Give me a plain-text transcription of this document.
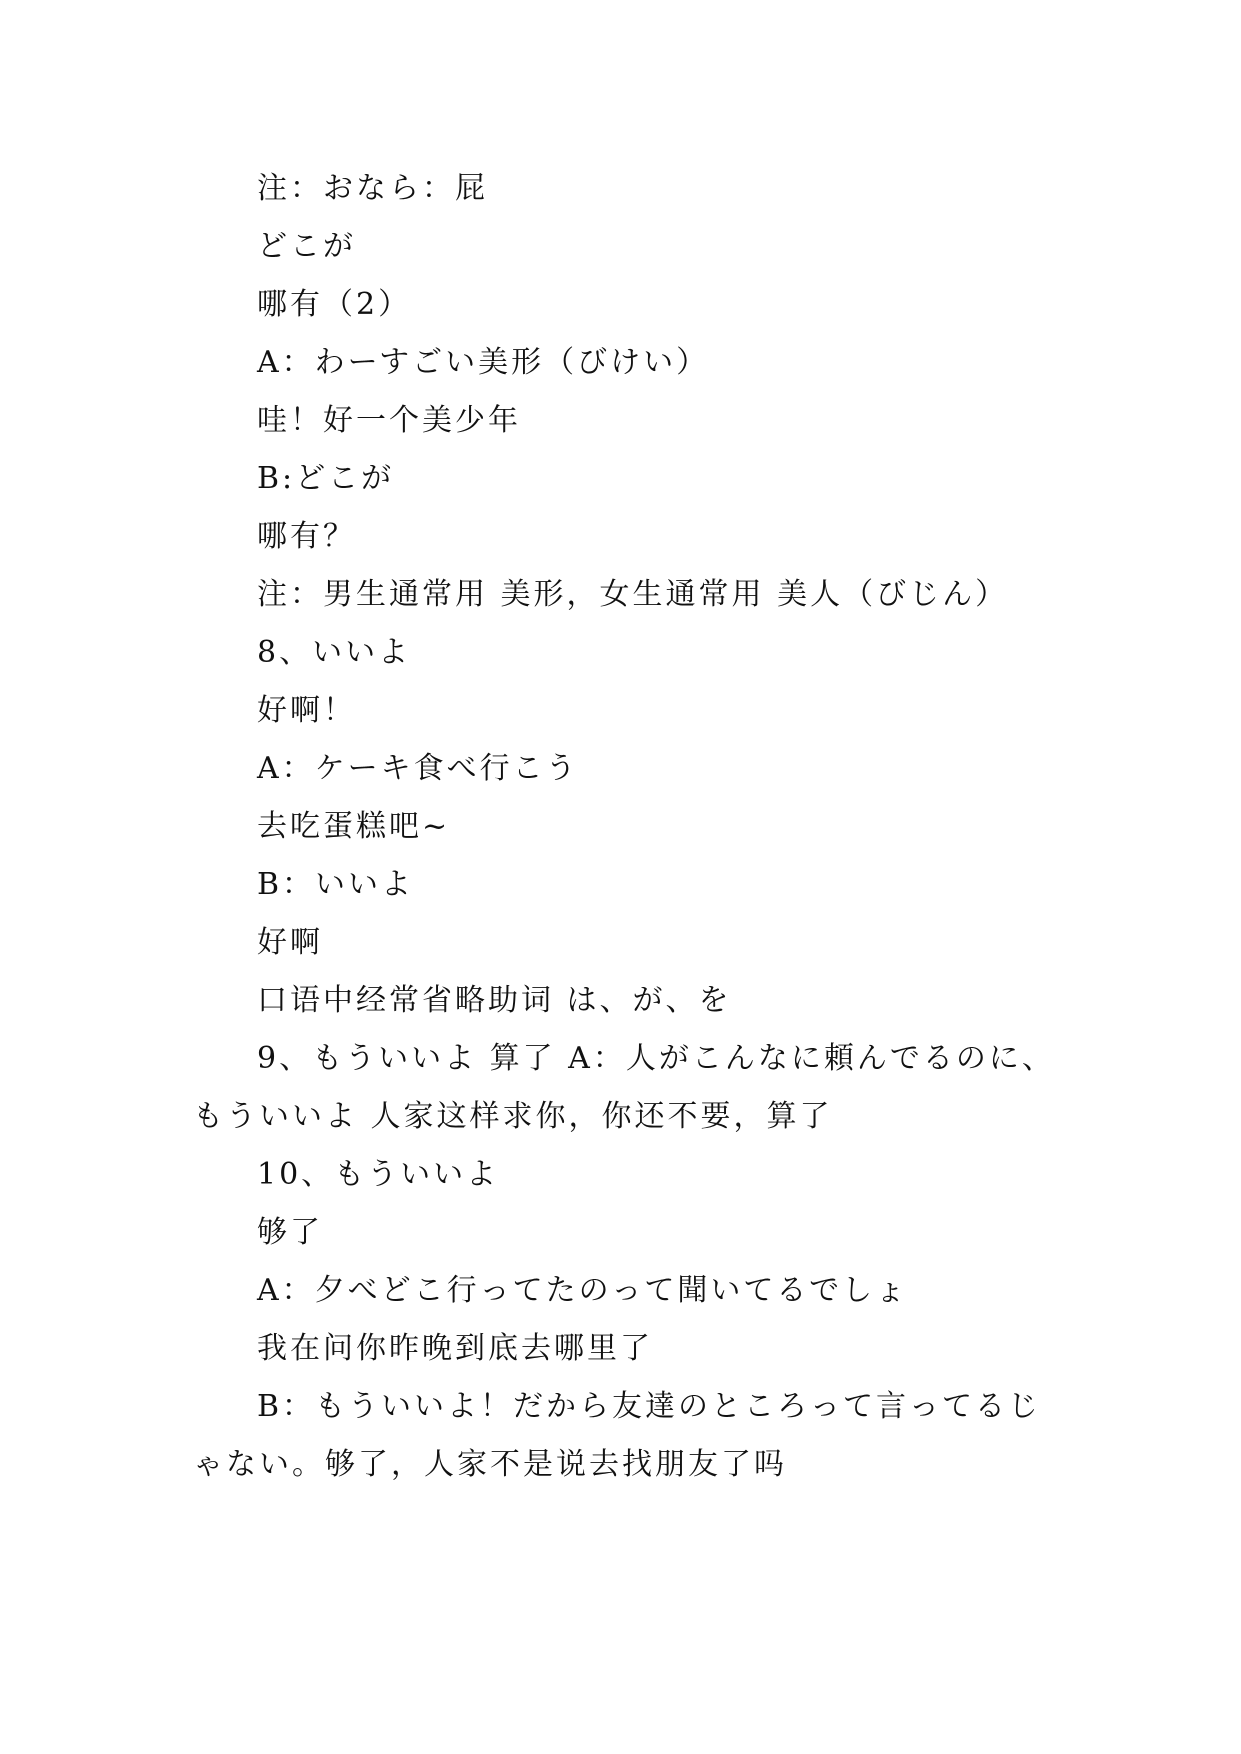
注：おなら：屁

どこが

哪有（2）

A：わーすごい美形（びけい）

哇！好一个美少年

B:どこが

哪有？

注：男生通常用 美形，女生通常用 美人（びじん）

8、いいよ

好啊！

A：ケーキ食べ行こう

去吃蛋糕吧~

B：いいよ

好啊

口语中经常省略助词 は、が、を

9、もういいよ 算了 A：人がこんなに頼んでるのに、もういいよ 人家这样求你，你还不要，算了

10、もういいよ

够了

A：夕べどこ行ってたのって聞いてるでしょ

我在问你昨晚到底去哪里了

B：もういいよ！だから友達のところって言ってるじゃない。够了，人家不是说去找朋友了吗
